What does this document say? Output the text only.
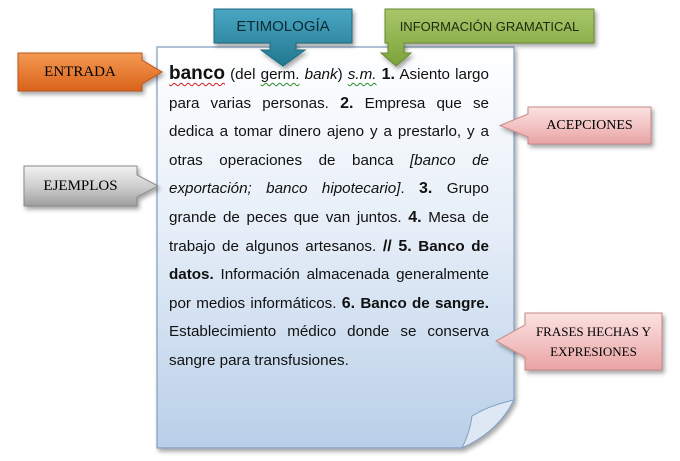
ETIMOLOGÍA	INFORMACIÓN GRAMATICAL
ENTRADA
EJEMPLOS
ACEPCIONES
FRASES HECHAS Y EXPRESIONES
banco (del germ. bank) s.m. 1. Asiento largo para varias personas. 2. Empresa que se dedica a tomar dinero ajeno y a prestarlo, y a otras operaciones de banca [banco de exportación; banco hipotecario]. 3. Grupo grande de peces que van juntos. 4. Mesa de trabajo de algunos artesanos. // 5. Banco de datos. Información almacenada generalmente por medios informáticos. 6. Banco de sangre. Establecimiento médico donde se conserva sangre para transfusiones.
